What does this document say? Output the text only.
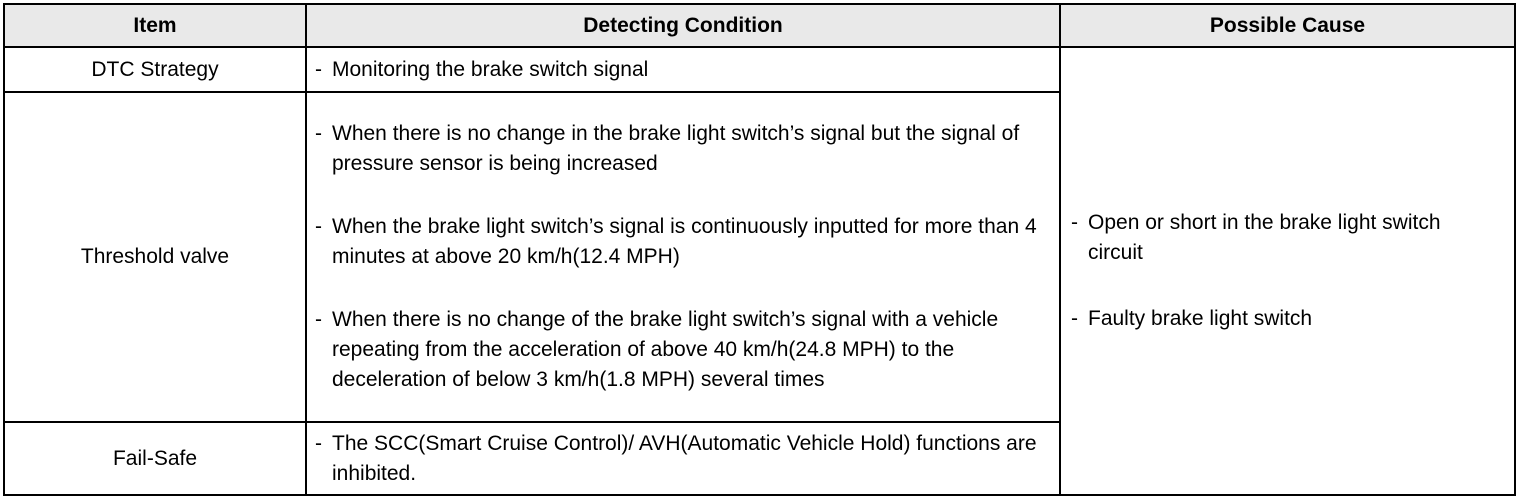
Item	Detecting Condition	Possible Cause
DTC Strategy	- Monitoring the brake switch signal	- Open or short in the brake light switch circuit
- Faulty brake light switch

Threshold valve	- When there is no change in the brake light switch’s signal but the signal of pressure sensor is being increased
- When the brake light switch’s signal is continuously inputted for more than 4 minutes at above 20 km/h(12.4 MPH)
- When there is no change of the brake light switch’s signal with a vehicle repeating from the acceleration of above 40 km/h(24.8 MPH) to the deceleration of below 3 km/h(1.8 MPH) several times

Fail-Safe	- The SCC(Smart Cruise Control)/ AVH(Automatic Vehicle Hold) functions are inhibited.
